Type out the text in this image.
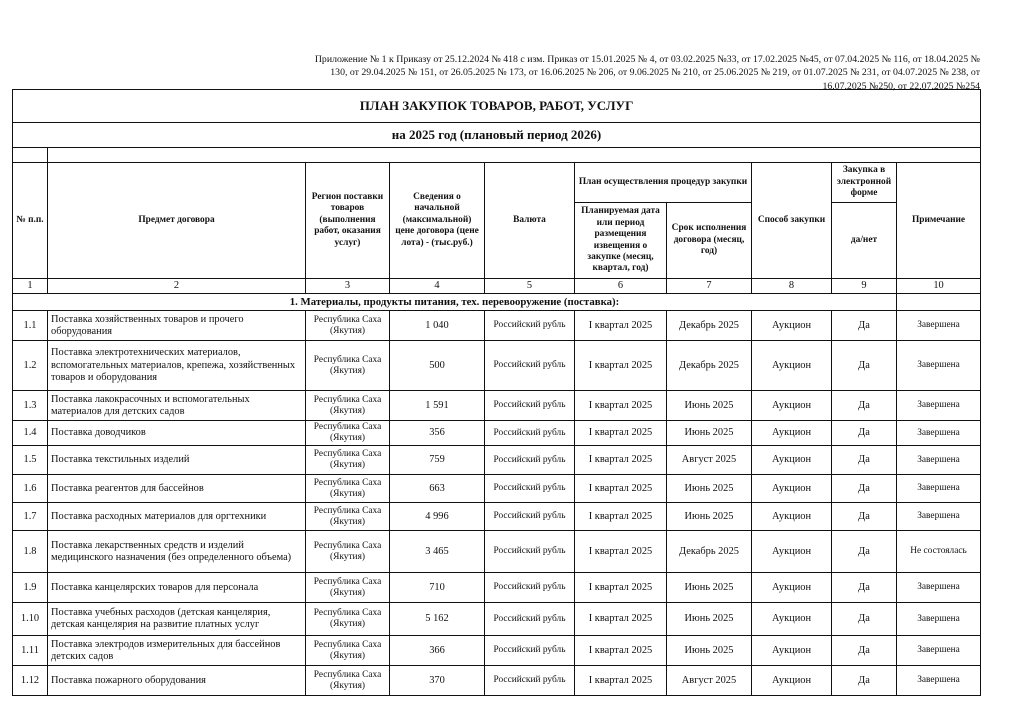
Приложение № 1 к Приказу от 25.12.2024 № 418 с изм. Приказ от 15.01.2025 № 4, от 03.02.2025 №33, от 17.02.2025 №45, от 07.04.2025 № 116, от 18.04.2025 № 130, от 29.04.2025 № 151, от 26.05.2025 № 173, от 16.06.2025 № 206, от 9.06.2025 № 210, от 25.06.2025 № 219, от 01.07.2025 № 231, от 04.07.2025 № 238, от 16.07.2025 №250, от 22.07.2025 №254
ПЛАН ЗАКУПОК ТОВАРОВ, РАБОТ, УСЛУГ									
на 2025 год (плановый период 2026)									

№ п.п.	Предмет договора	Регион поставки товаров (выполнения работ, оказания услуг)	Сведения о начальной (максимальной) цене договора (цене лота) - (тыс.руб.)	Валюта	План осуществления процедур закупки		Способ закупки	Закупка в электронной форме	Примечание
					Планируемая дата или период размещения извещения о закупке (месяц, квартал, год)	Срок исполнения договора (месяц, год)		да/нет	
1	2	3	4	5	6	7	8	9	10
1. Материалы, продукты питания, тех. перевооружение (поставка):									
1.1	Поставка хозяйственных товаров и прочего оборудования	Республика Саха (Якутия)	1 040	Российский рубль	I квартал 2025	Декабрь 2025	Аукцион	Да	Завершена
1.2	Поставка электротехнических материалов, вспомогательных материалов, крепежа, хозяйственных товаров и оборудования	Республика Саха (Якутия)	500	Российский рубль	I квартал 2025	Декабрь 2025	Аукцион	Да	Завершена
1.3	Поставка лакокрасочных и вспомогательных материалов для детских садов	Республика Саха (Якутия)	1 591	Российский рубль	I квартал 2025	Июнь 2025	Аукцион	Да	Завершена
1.4	Поставка доводчиков	Республика Саха (Якутия)	356	Российский рубль	I квартал 2025	Июнь 2025	Аукцион	Да	Завершена
1.5	Поставка текстильных изделий	Республика Саха (Якутия)	759	Российский рубль	I квартал 2025	Август 2025	Аукцион	Да	Завершена
1.6	Поставка реагентов для бассейнов	Республика Саха (Якутия)	663	Российский рубль	I квартал 2025	Июнь 2025	Аукцион	Да	Завершена
1.7	Поставка расходных материалов для оргтехники	Республика Саха (Якутия)	4 996	Российский рубль	I квартал 2025	Июнь 2025	Аукцион	Да	Завершена
1.8	Поставка лекарственных средств и изделий медицинского назначения (без определенного объема)	Республика Саха (Якутия)	3 465	Российский рубль	I квартал 2025	Декабрь 2025	Аукцион	Да	Не состоялась
1.9	Поставка канцелярских товаров для персонала	Республика Саха (Якутия)	710	Российский рубль	I квартал 2025	Июнь 2025	Аукцион	Да	Завершена
1.10	Поставка учебных расходов (детская канцелярия, детская канцелярия на развитие платных услуг	Республика Саха (Якутия)	5 162	Российский рубль	I квартал 2025	Июнь 2025	Аукцион	Да	Завершена
1.11	Поставка электродов измерительных для бассейнов детских садов	Республика Саха (Якутия)	366	Российский рубль	I квартал 2025	Июнь 2025	Аукцион	Да	Завершена
1.12	Поставка пожарного оборудования	Республика Саха (Якутия)	370	Российский рубль	I квартал 2025	Август 2025	Аукцион	Да	Завершена
